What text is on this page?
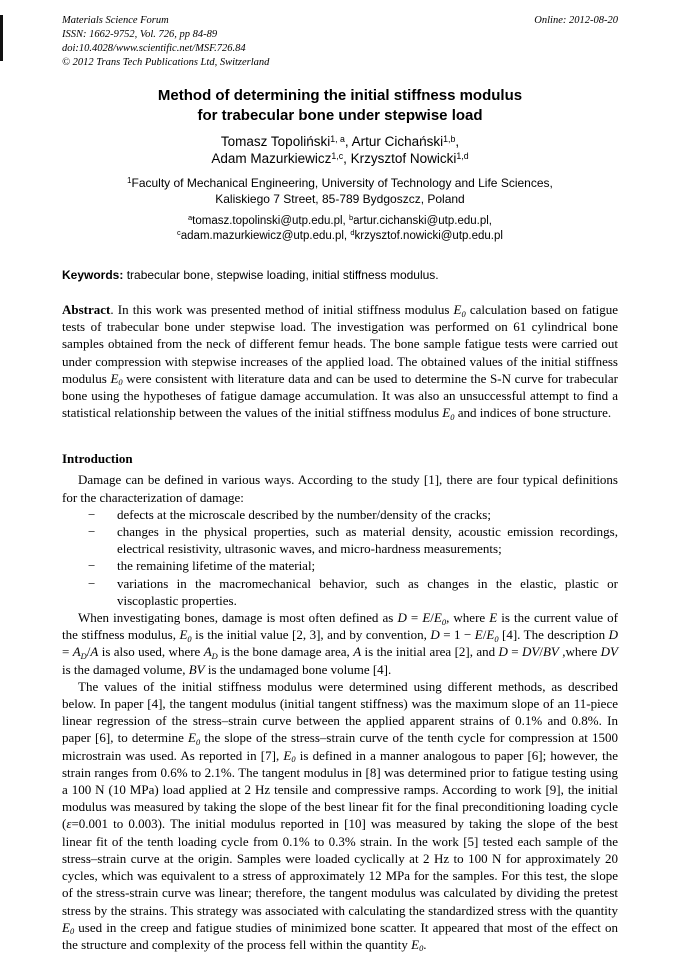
Materials Science Forum
ISSN: 1662-9752, Vol. 726, pp 84-89
doi:10.4028/www.scientific.net/MSF.726.84
© 2012 Trans Tech Publications Ltd, Switzerland
Online: 2012-08-20
Method of determining the initial stiffness modulus
for trabecular bone under stepwise load
Tomasz Topoliński$^{1, a}$, Artur Cichański$^{1,b}$,
Adam Mazurkiewicz$^{1,c}$, Krzysztof Nowicki$^{1,d}$
$^1$Faculty of Mechanical Engineering, University of Technology and Life Sciences,
Kaliskiego 7 Street, 85-789 Bydgoszcz, Poland
$^a$tomasz.topolinski@utp.edu.pl, $^b$artur.cichanski@utp.edu.pl,
$^c$adam.mazurkiewicz@utp.edu.pl, $^d$krzysztof.nowicki@utp.edu.pl

Keywords: trabecular bone, stepwise loading, initial stiffness modulus.

Abstract. In this work was presented method of initial stiffness modulus E0 calculation based on fatigue tests of trabecular bone under stepwise load. The investigation was performed on 61 cylindrical bone samples obtained from the neck of different femur heads. The bone sample fatigue tests were carried out under compression with stepwise increases of the applied load. The obtained values of the initial stiffness modulus E0 were consistent with literature data and can be used to determine the S-N curve for trabecular bone using the hypotheses of fatigue damage accumulation. It was also an unsuccessful attempt to find a statistical relationship between the values of the initial stiffness modulus E0 and indices of bone structure.

Introduction

Damage can be defined in various ways. According to the study [1], there are four typical definitions for the characterization of damage:

− defects at the microscale described by the number/density of the cracks;
− changes in the physical properties, such as material density, acoustic emission recordings, electrical resistivity, ultrasonic waves, and micro-hardness measurements;
− the remaining lifetime of the material;
− variations in the macromechanical behavior, such as changes in the elastic, plastic or viscoplastic properties.

When investigating bones, damage is most often defined as D = E/E0, where E is the current value of the stiffness modulus, E0 is the initial value [2, 3], and by convention, D = 1 − E/E0 [4]. The description D = AD/A is also used, where AD is the bone damage area, A is the initial area [2], and D = DV/BV ,where DV is the damaged volume, BV is the undamaged bone volume [4].

The values of the initial stiffness modulus were determined using different methods, as described below. In paper [4], the tangent modulus (initial tangent stiffness) was the maximum slope of an 11-piece linear regression of the stress–strain curve between the applied apparent strains of 0.1% and 0.8%. In paper [6], to determine E0 the slope of the stress–strain curve of the tenth cycle for compression at 1500 microstrain was used. As reported in [7], E0 is defined in a manner analogous to paper [6]; however, the strain ranges from 0.6% to 2.1%. The tangent modulus in [8] was determined prior to fatigue testing using a 100 N (10 MPa) load applied at 2 Hz tensile and compressive ramps. According to work [9], the initial modulus was measured by taking the slope of the best linear fit for the final preconditioning loading cycle (ε=0.001 to 0.003). The initial modulus reported in [10] was measured by taking the slope of the best linear fit of the tenth loading cycle from 0.1% to 0.3% strain. In the work [5] tested each sample of the stress–strain curve at the origin. Samples were loaded cyclically at 2 Hz to 100 N for approximately 20 cycles, which was equivalent to a stress of approximately 12 MPa for the samples. For this test, the slope of the stress-strain curve was linear; therefore, the tangent modulus was calculated by dividing the pretest stress by the strains. This strategy was associated with calculating the standardized stress with the quantity E0 used in the creep and fatigue studies of minimized bone scatter. It appeared that most of the effect on the structure and complexity of the process fell within the quantity E0.
